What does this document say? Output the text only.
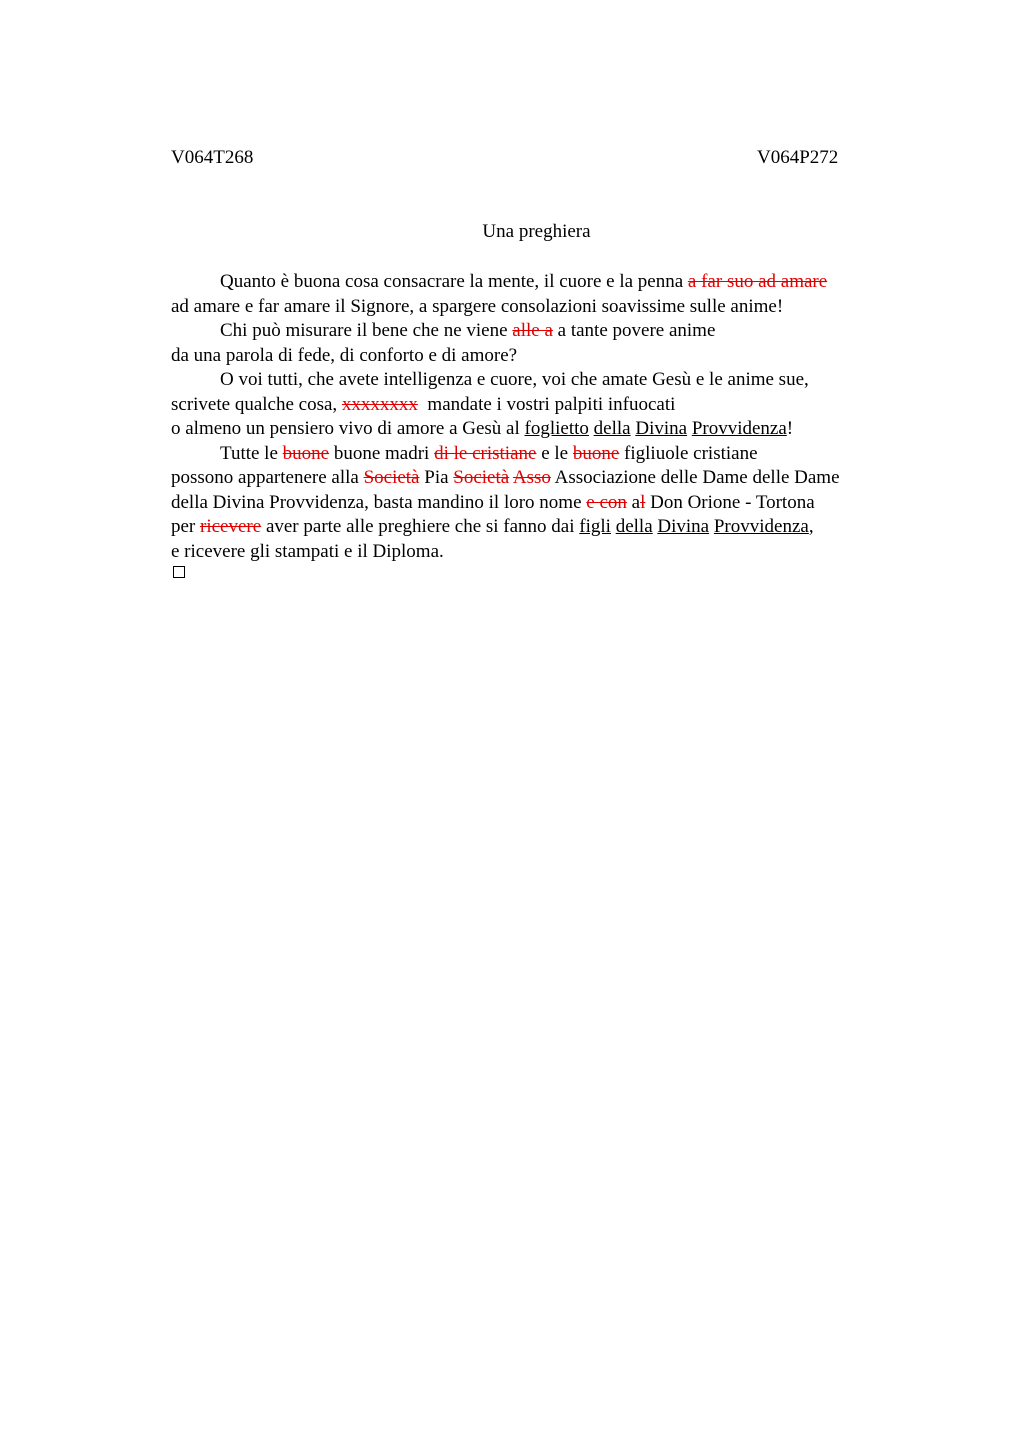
V064T268	V064P272
Una preghiera
Quanto è buona cosa consacrare la mente, il cuore e la penna a far suo ad amare
ad amare e far amare il Signore, a spargere consolazioni soavissime sulle anime!
Chi può misurare il bene che ne viene alle a a tante povere anime
da una parola di fede, di conforto e di amore?
O voi tutti, che avete intelligenza e cuore, voi che amate Gesù e le anime sue,
scrivete qualche cosa, xxxxxxxx  mandate i vostri palpiti infuocati
o almeno un pensiero vivo di amore a Gesù al foglietto della Divina Provvidenza!
Tutte le buone buone madri di le cristiane e le buone figliuole cristiane
possono appartenere alla Società Pia Società Asso Associazione delle Dame delle Dame
della Divina Provvidenza, basta mandino il loro nome e con al Don Orione - Tortona
per ricevere aver parte alle preghiere che si fanno dai figli della Divina Provvidenza,
e ricevere gli stampati e il Diploma.
